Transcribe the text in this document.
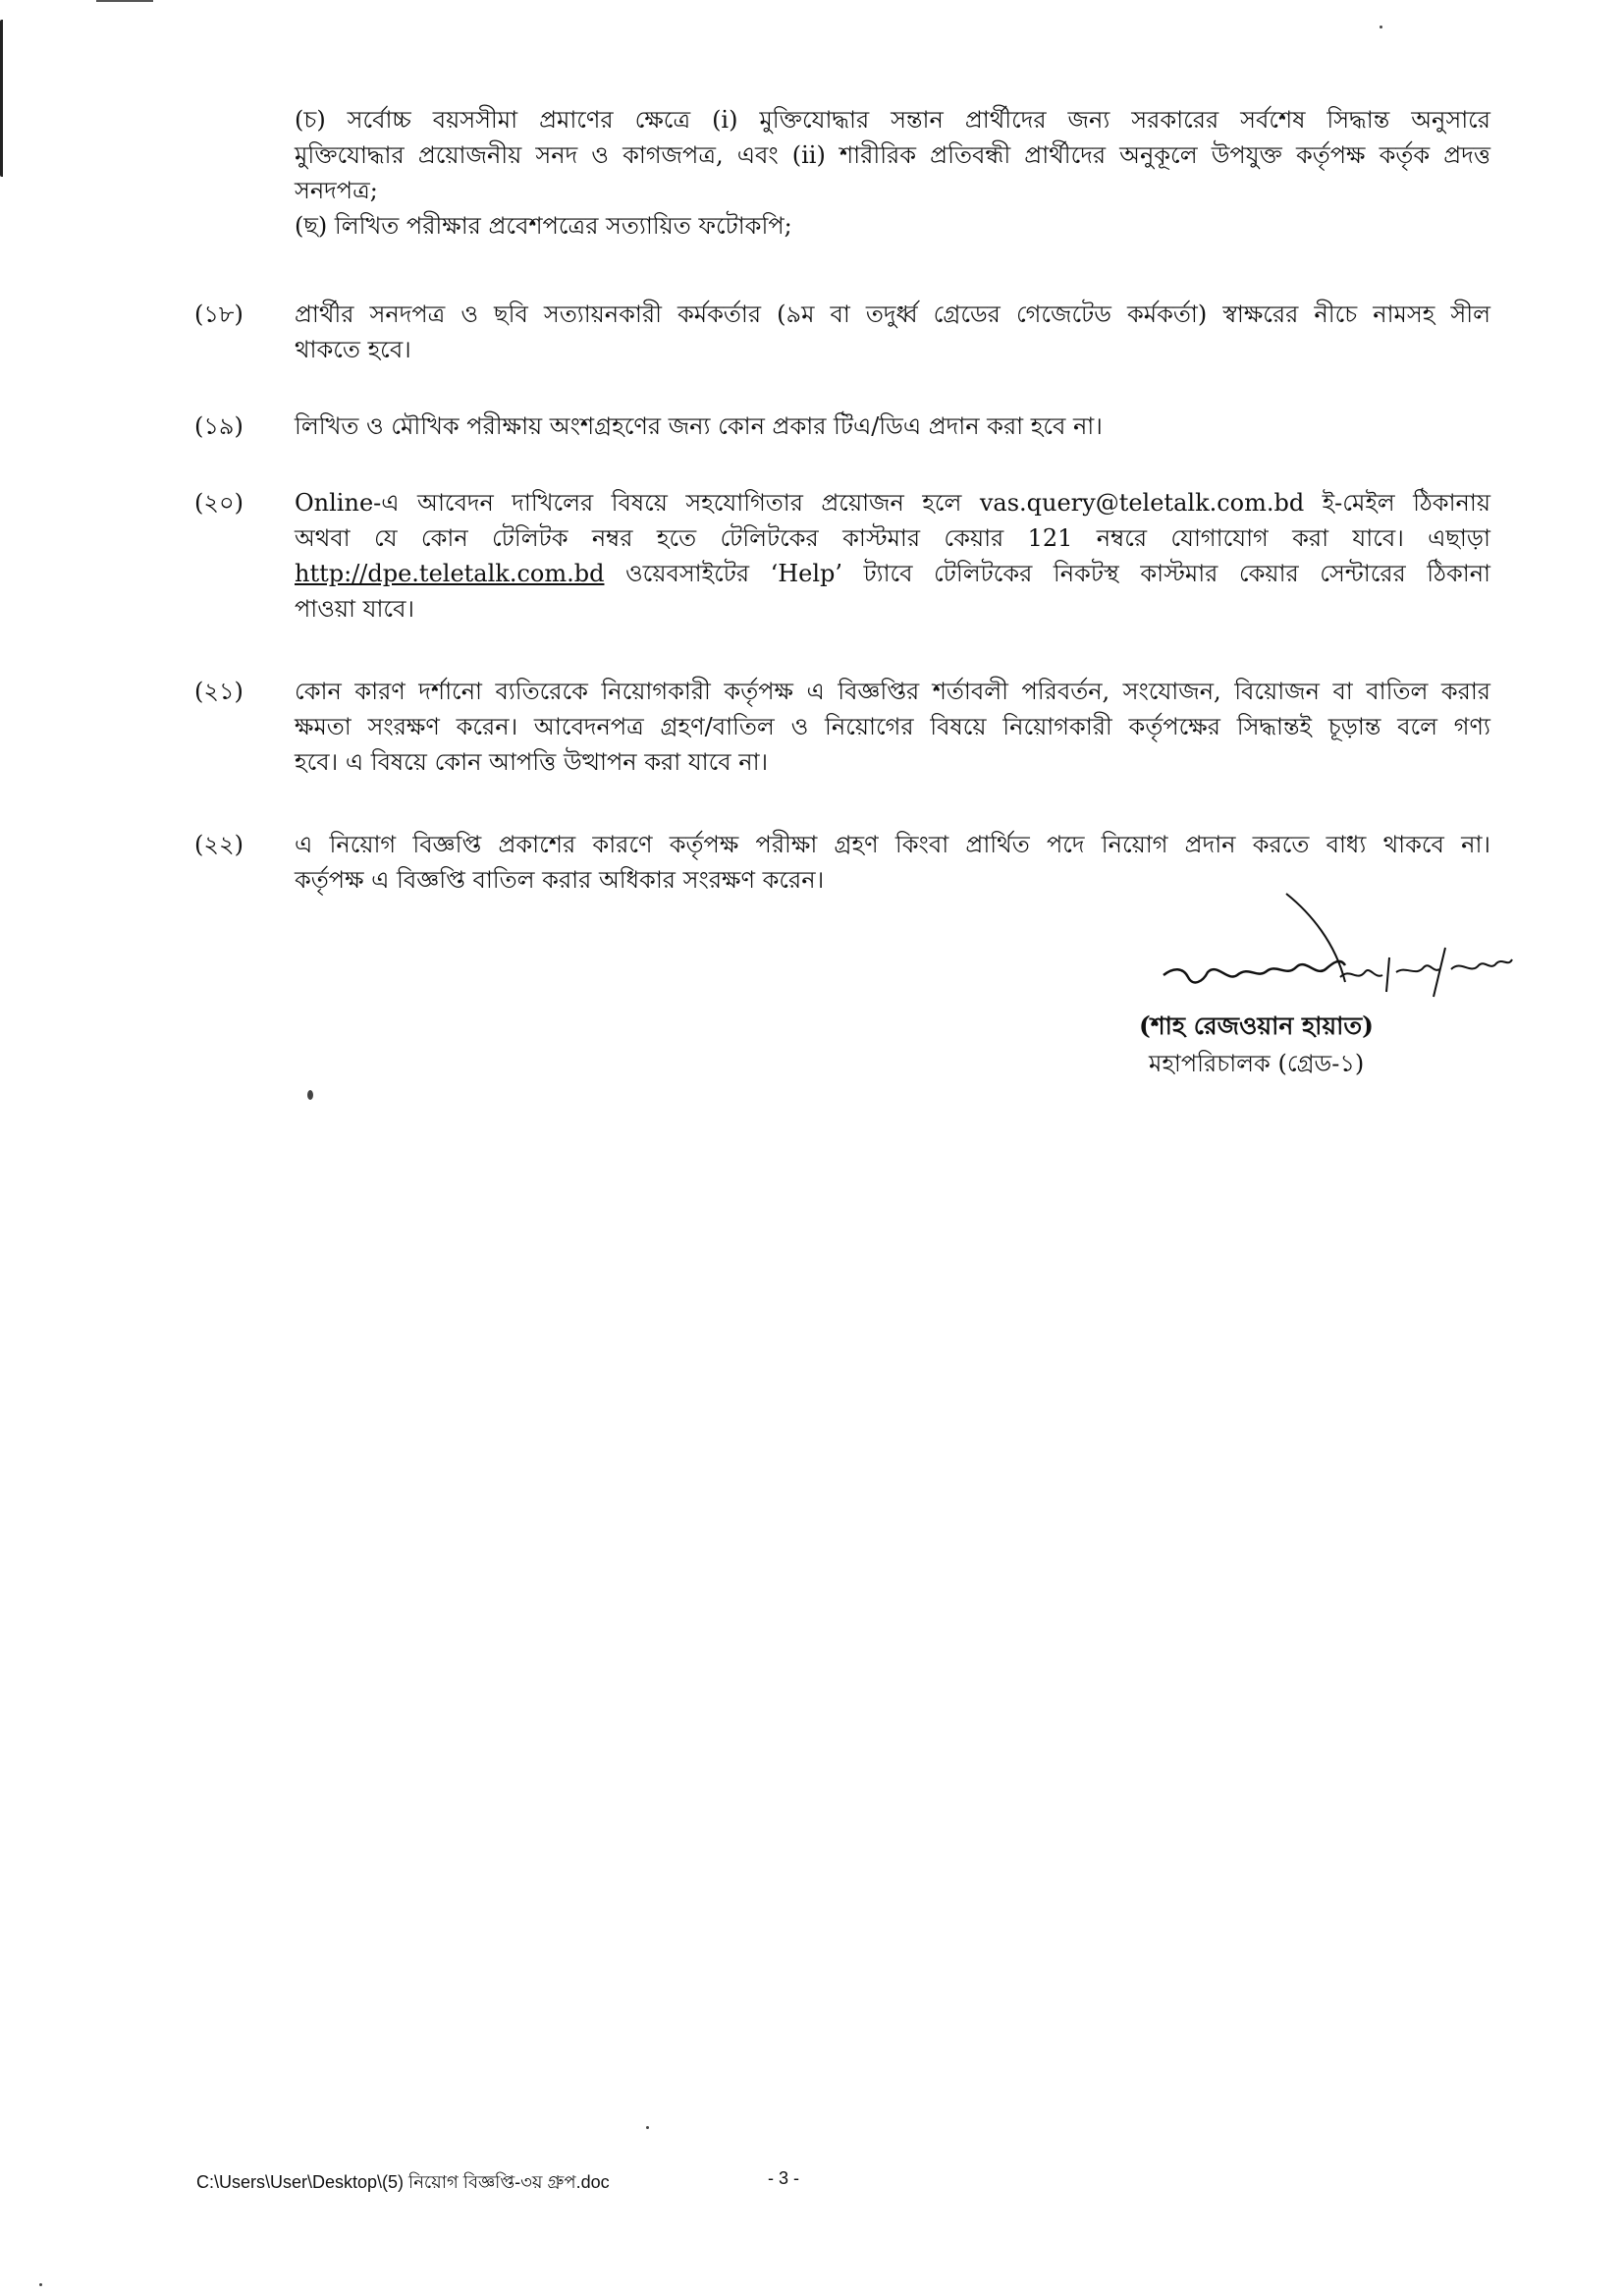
(চ) সর্বোচ্চ বয়সসীমা প্রমাণের ক্ষেত্রে (i) মুক্তিযোদ্ধার সন্তান প্রার্থীদের জন্য সরকারের সর্বশেষ সিদ্ধান্ত অনুসারে
মুক্তিযোদ্ধার প্রয়োজনীয় সনদ ও কাগজপত্র, এবং (ii) শারীরিক প্রতিবন্ধী প্রার্থীদের অনুকূলে উপযুক্ত কর্তৃপক্ষ কর্তৃক প্রদত্ত
সনদপত্র;
(ছ) লিখিত পরীক্ষার প্রবেশপত্রের সত্যায়িত ফটোকপি;
(১৮)	প্রার্থীর সনদপত্র ও ছবি সত্যায়নকারী কর্মকর্তার (৯ম বা তদুর্ধ্ব গ্রেডের গেজেটেড কর্মকর্তা) স্বাক্ষরের নীচে নামসহ সীল
থাকতে হবে।
(১৯)	লিখিত ও মৌখিক পরীক্ষায় অংশগ্রহণের জন্য কোন প্রকার টিএ/ডিএ প্রদান করা হবে না।
(২০)	Online-এ আবেদন দাখিলের বিষয়ে সহযোগিতার প্রয়োজন হলে vas.query@teletalk.com.bd ই-মেইল ঠিকানায়
অথবা যে কোন টেলিটক নম্বর হতে টেলিটকের কাস্টমার কেয়ার 121 নম্বরে যোগাযোগ করা যাবে। এছাড়া
http://dpe.teletalk.com.bd ওয়েবসাইটের ‘Help’ ট্যাবে টেলিটকের নিকটস্থ কাস্টমার কেয়ার সেন্টারের ঠিকানা
পাওয়া যাবে।
(২১)	কোন কারণ দর্শানো ব্যতিরেকে নিয়োগকারী কর্তৃপক্ষ এ বিজ্ঞপ্তির শর্তাবলী পরিবর্তন, সংযোজন, বিয়োজন বা বাতিল করার
ক্ষমতা সংরক্ষণ করেন। আবেদনপত্র গ্রহণ/বাতিল ও নিয়োগের বিষয়ে নিয়োগকারী কর্তৃপক্ষের সিদ্ধান্তই চূড়ান্ত বলে গণ্য
হবে। এ বিষয়ে কোন আপত্তি উত্থাপন করা যাবে না।
(২২)	এ নিয়োগ বিজ্ঞপ্তি প্রকাশের কারণে কর্তৃপক্ষ পরীক্ষা গ্রহণ কিংবা প্রার্থিত পদে নিয়োগ প্রদান করতে বাধ্য থাকবে না।
কর্তৃপক্ষ এ বিজ্ঞপ্তি বাতিল করার অধিকার সংরক্ষণ করেন।
(শাহ রেজওয়ান হায়াত)
মহাপরিচালক (গ্রেড-১)
C:\Users\User\Desktop\(5) নিয়োগ বিজ্ঞপ্তি-৩য় গ্রুপ.doc	- 3 -
